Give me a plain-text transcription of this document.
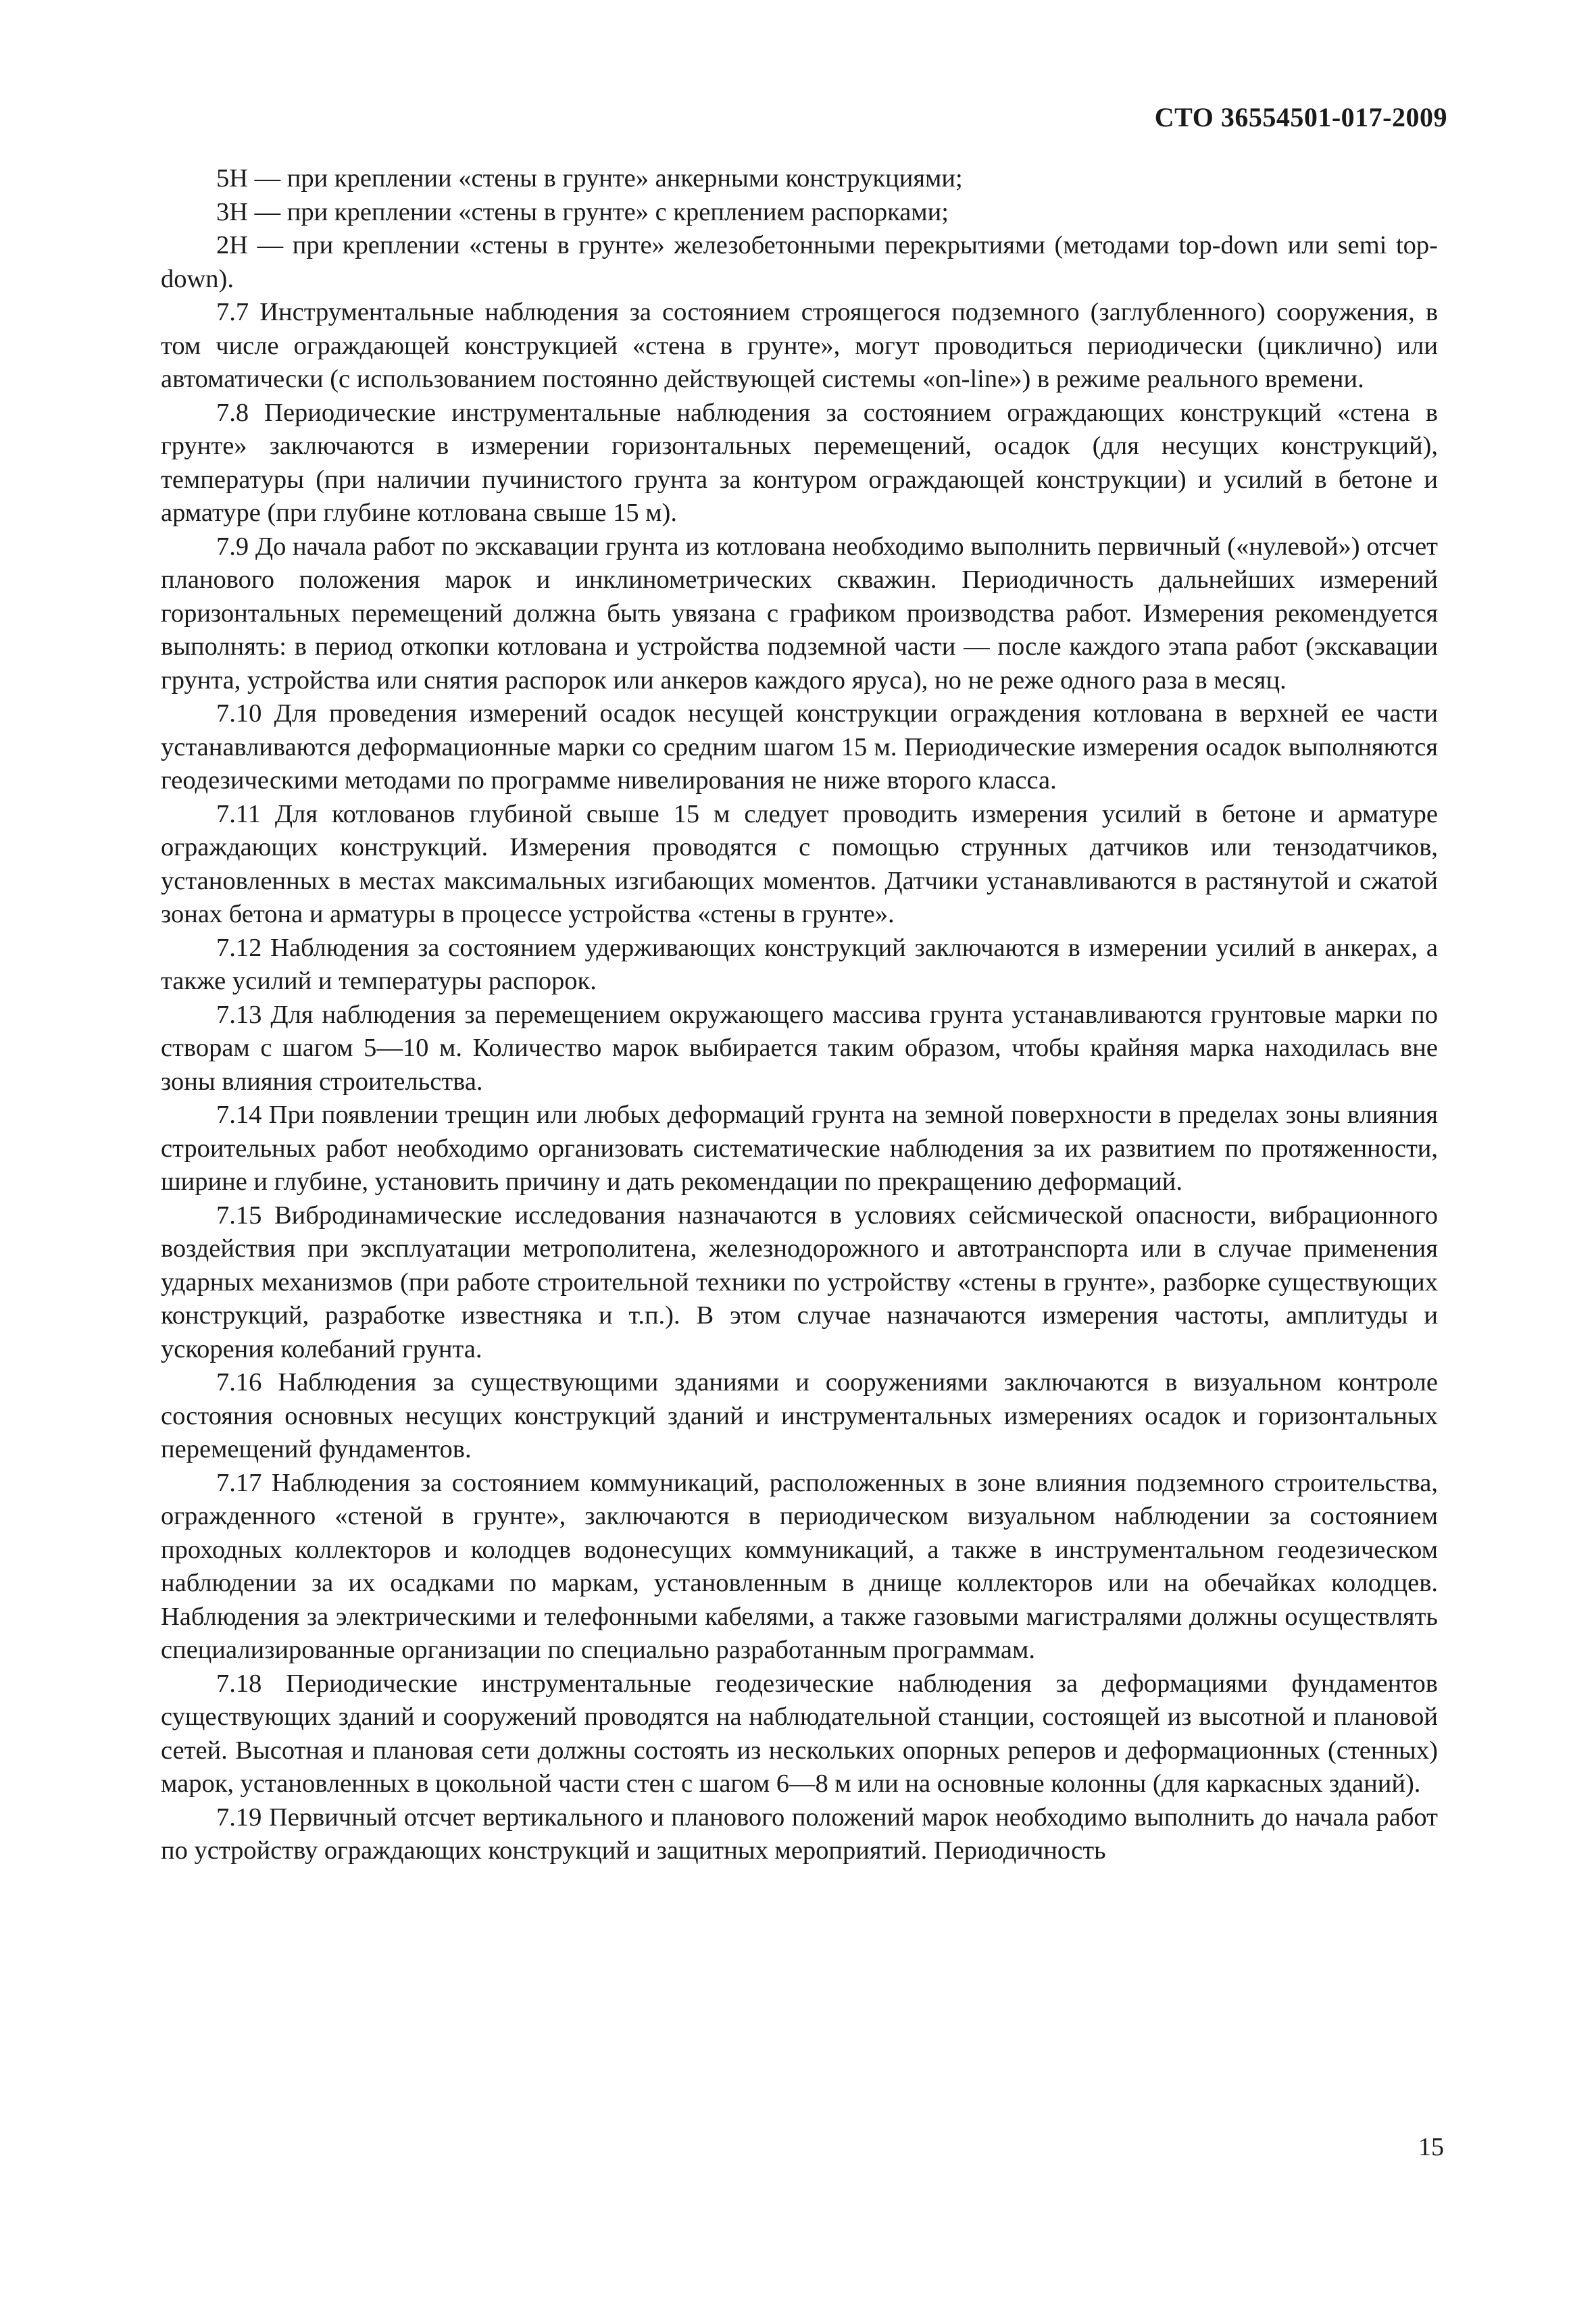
СТО 36554501-017-2009

5Н — при креплении «стены в грунте» анкерными конструкциями;

3Н — при креплении «стены в грунте» с креплением распорками;

2Н — при креплении «стены в грунте» железобетонными перекрытиями (методами top-down или semi top-down).

7.7 Инструментальные наблюдения за состоянием строящегося подземного (заглубленного) сооружения, в том числе ограждающей конструкцией «стена в грунте», могут проводиться периодически (циклично) или автоматически (с использованием постоянно действующей системы «on-line») в режиме реального времени.

7.8 Периодические инструментальные наблюдения за состоянием ограждающих конструкций «стена в грунте» заключаются в измерении горизонтальных перемещений, осадок (для несущих конструкций), температуры (при наличии пучинистого грунта за контуром ограждающей конструкции) и усилий в бетоне и арматуре (при глубине котлована свыше 15 м).

7.9 До начала работ по экскавации грунта из котлована необходимо выполнить первичный («нулевой») отсчет планового положения марок и инклинометрических скважин. Периодичность дальнейших измерений горизонтальных перемещений должна быть увязана с графиком производства работ. Измерения рекомендуется выполнять: в период откопки котлована и устройства подземной части — после каждого этапа работ (экскавации грунта, устройства или снятия распорок или анкеров каждого яруса), но не реже одного раза в месяц.

7.10 Для проведения измерений осадок несущей конструкции ограждения котлована в верхней ее части устанавливаются деформационные марки со средним шагом 15 м. Периодические измерения осадок выполняются геодезическими методами по программе нивелирования не ниже второго класса.

7.11 Для котлованов глубиной свыше 15 м следует проводить измерения усилий в бетоне и арматуре ограждающих конструкций. Измерения проводятся с помощью струнных датчиков или тензодатчиков, установленных в местах максимальных изгибающих моментов. Датчики устанавливаются в растянутой и сжатой зонах бетона и арматуры в процессе устройства «стены в грунте».

7.12 Наблюдения за состоянием удерживающих конструкций заключаются в измерении усилий в анкерах, а также усилий и температуры распорок.

7.13 Для наблюдения за перемещением окружающего массива грунта устанавливаются грунтовые марки по створам с шагом 5—10 м. Количество марок выбирается таким образом, чтобы крайняя марка находилась вне зоны влияния строительства.

7.14 При появлении трещин или любых деформаций грунта на земной поверхности в пределах зоны влияния строительных работ необходимо организовать систематические наблюдения за их развитием по протяженности, ширине и глубине, установить причину и дать рекомендации по прекращению деформаций.

7.15 Вибродинамические исследования назначаются в условиях сейсмической опасности, вибрационного воздействия при эксплуатации метрополитена, железнодорожного и автотранспорта или в случае применения ударных механизмов (при работе строительной техники по устройству «стены в грунте», разборке существующих конструкций, разработке известняка и т.п.). В этом случае назначаются измерения частоты, амплитуды и ускорения колебаний грунта.

7.16 Наблюдения за существующими зданиями и сооружениями заключаются в визуальном контроле состояния основных несущих конструкций зданий и инструментальных измерениях осадок и горизонтальных перемещений фундаментов.

7.17 Наблюдения за состоянием коммуникаций, расположенных в зоне влияния подземного строительства, огражденного «стеной в грунте», заключаются в периодическом визуальном наблюдении за состоянием проходных коллекторов и колодцев водонесущих коммуникаций, а также в инструментальном геодезическом наблюдении за их осадками по маркам, установленным в днище коллекторов или на обечайках колодцев. Наблюдения за электрическими и телефонными кабелями, а также газовыми магистралями должны осуществлять специализированные организации по специально разработанным программам.

7.18 Периодические инструментальные геодезические наблюдения за деформациями фундаментов существующих зданий и сооружений проводятся на наблюдательной станции, состоящей из высотной и плановой сетей. Высотная и плановая сети должны состоять из нескольких опорных реперов и деформационных (стенных) марок, установленных в цокольной части стен с шагом 6—8 м или на основные колонны (для каркасных зданий).

7.19 Первичный отсчет вертикального и планового положений марок необходимо выполнить до начала работ по устройству ограждающих конструкций и защитных мероприятий. Периодичность

15
